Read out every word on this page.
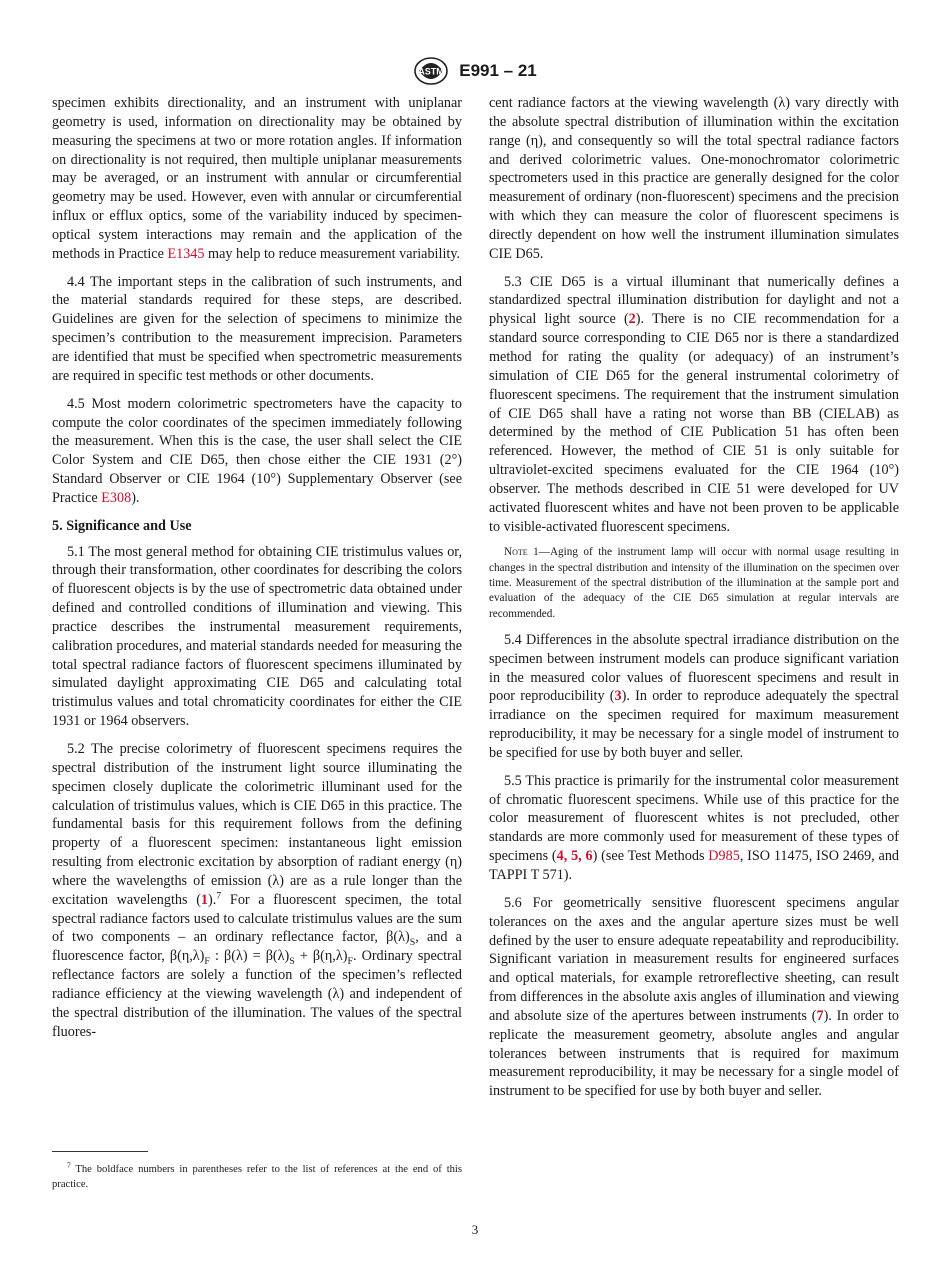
ASTM E991 – 21

specimen exhibits directionality, and an instrument with uniplanar geometry is used, information on directionality may be obtained by measuring the specimens at two or more rotation angles. If information on directionality is not required, then multiple uniplanar measurements may be averaged, or an instrument with annular or circumferential geometry may be used. However, even with annular or circumferential influx or efflux optics, some of the variability induced by specimen-optical system interactions may remain and the application of the methods in Practice E1345 may help to reduce measurement variability.

4.4 The important steps in the calibration of such instruments, and the material standards required for these steps, are described. Guidelines are given for the selection of specimens to minimize the specimen’s contribution to the measurement imprecision. Parameters are identified that must be specified when spectrometric measurements are required in specific test methods or other documents.

4.5 Most modern colorimetric spectrometers have the capacity to compute the color coordinates of the specimen immediately following the measurement. When this is the case, the user shall select the CIE Color System and CIE D65, then chose either the CIE 1931 (2°) Standard Observer or CIE 1964 (10°) Supplementary Observer (see Practice E308).

5. Significance and Use

5.1 The most general method for obtaining CIE tristimulus values or, through their transformation, other coordinates for describing the colors of fluorescent objects is by the use of spectrometric data obtained under defined and controlled conditions of illumination and viewing. This practice describes the instrumental measurement requirements, calibration procedures, and material standards needed for measuring the total spectral radiance factors of fluorescent specimens illuminated by simulated daylight approximating CIE D65 and calculating total tristimulus values and total chromaticity coordinates for either the CIE 1931 or 1964 observers.

5.2 The precise colorimetry of fluorescent specimens requires the spectral distribution of the instrument light source illuminating the specimen closely duplicate the colorimetric illuminant used for the calculation of tristimulus values, which is CIE D65 in this practice. The fundamental basis for this requirement follows from the defining property of a fluorescent specimen: instantaneous light emission resulting from electronic excitation by absorption of radiant energy (η) where the wavelengths of emission (λ) are as a rule longer than the excitation wavelengths (1).$^7$ For a fluorescent specimen, the total spectral radiance factors used to calculate tristimulus values are the sum of two components – an ordinary reflectance factor, $\beta(\lambda)_S$, and a fluorescence factor, $\beta(\eta,\lambda)_F$ : $\beta(\lambda) = \beta(\lambda)_S + \beta(\eta,\lambda)_F$. Ordinary spectral reflectance factors are solely a function of the specimen’s reflected radiance efficiency at the viewing wavelength (λ) and independent of the spectral distribution of the illumination. The values of the spectral fluores-

cent radiance factors at the viewing wavelength (λ) vary directly with the absolute spectral distribution of illumination within the excitation range (η), and consequently so will the total spectral radiance factors and derived colorimetric values. One-monochromator colorimetric spectrometers used in this practice are generally designed for the color measurement of ordinary (non-fluorescent) specimens and the precision with which they can measure the color of fluorescent specimens is directly dependent on how well the instrument illumination simulates CIE D65.

5.3 CIE D65 is a virtual illuminant that numerically defines a standardized spectral illumination distribution for daylight and not a physical light source (2). There is no CIE recommendation for a standard source corresponding to CIE D65 nor is there a standardized method for rating the quality (or adequacy) of an instrument’s simulation of CIE D65 for the general instrumental colorimetry of fluorescent specimens. The requirement that the instrument simulation of CIE D65 shall have a rating not worse than BB (CIELAB) as determined by the method of CIE Publication 51 has often been referenced. However, the method of CIE 51 is only suitable for ultraviolet-excited specimens evaluated for the CIE 1964 (10°) observer. The methods described in CIE 51 were developed for UV activated fluorescent whites and have not been proven to be applicable to visible-activated fluorescent specimens.

Note 1—Aging of the instrument lamp will occur with normal usage resulting in changes in the spectral distribution and intensity of the illumination on the specimen over time. Measurement of the spectral distribution of the illumination at the sample port and evaluation of the adequacy of the CIE D65 simulation at regular intervals are recommended.

5.4 Differences in the absolute spectral irradiance distribution on the specimen between instrument models can produce significant variation in the measured color values of fluorescent specimens and result in poor reproducibility (3). In order to reproduce adequately the spectral irradiance on the specimen required for maximum measurement reproducibility, it may be necessary for a single model of instrument to be specified for use by both buyer and seller.

5.5 This practice is primarily for the instrumental color measurement of chromatic fluorescent specimens. While use of this practice for the color measurement of fluorescent whites is not precluded, other standards are more commonly used for measurement of these types of specimens (4, 5, 6) (see Test Methods D985, ISO 11475, ISO 2469, and TAPPI T 571).

5.6 For geometrically sensitive fluorescent specimens angular tolerances on the axes and the angular aperture sizes must be well defined by the user to ensure adequate repeatability and reproducibility. Significant variation in measurement results for engineered surfaces and optical materials, for example retroreflective sheeting, can result from differences in the absolute axis angles of illumination and viewing and absolute size of the apertures between instruments (7). In order to replicate the measurement geometry, absolute angles and angular tolerances between instruments that is required for maximum measurement reproducibility, it may be necessary for a single model of instrument to be specified for use by both buyer and seller.

$^7$ The boldface numbers in parentheses refer to the list of references at the end of this practice.
3
